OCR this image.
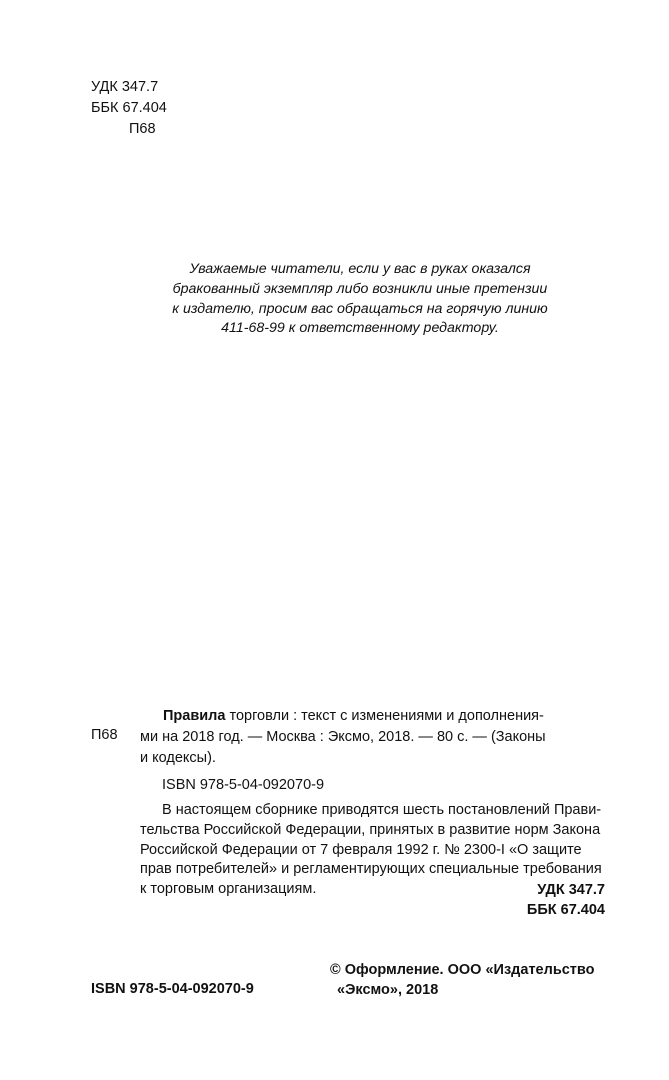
УДК 347.7
ББК 67.404
П68
Уважаемые читатели, если у вас в руках оказался
бракованный экземпляр либо возникли иные претензии
к издателю, просим вас обращаться на горячую линию
411-68-99 к ответственному редактору.
П68
Правила торговли : текст с изменениями и дополнения-
ми на 2018 год. — Москва : Эксмо, 2018. — 80 с. — (Законы
и кодексы).
ISBN 978-5-04-092070-9
В настоящем сборнике приводятся шесть постановлений Прави-
тельства Российской Федерации, принятых в развитие норм Закона
Российской Федерации от 7 февраля 1992 г. № 2300-I «О защите
прав потребителей» и регламентирующих специальные требования
к торговым организациям.	УДК 347.7
ББК 67.404
© Оформление. ООО «Издательство
«Эксмо», 2018
ISBN 978-5-04-092070-9
